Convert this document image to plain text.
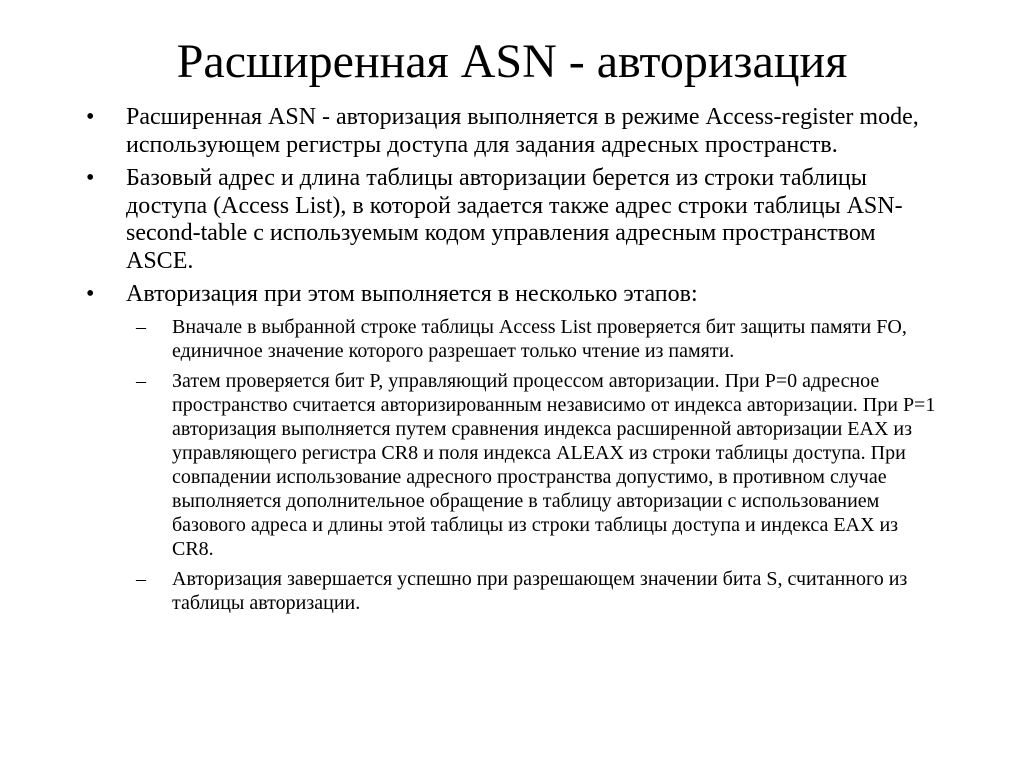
Расширенная ASN - авторизация
• Расширенная ASN - авторизация выполняется в режиме Access-register mode, использующем регистры доступа для задания адресных пространств.
• Базовый адрес и длина таблицы авторизации берется из строки таблицы доступа (Access List), в которой задается также адрес строки таблицы ASN-second-table с используемым кодом управления адресным пространством ASCE.
• Авторизация при этом выполняется в несколько этапов:
– Вначале в выбранной строке таблицы Access List проверяется бит защиты памяти FO, единичное значение которого разрешает только чтение из памяти.
– Затем проверяется бит P, управляющий процессом авторизации. При P=0 адресное пространство считается авторизированным независимо от индекса авторизации. При P=1 авторизация выполняется путем сравнения индекса расширенной авторизации EAX из управляющего регистра CR8 и поля индекса ALEAX из строки таблицы доступа. При совпадении использование адресного пространства допустимо, в противном случае выполняется дополнительное обращение в таблицу авторизации с использованием базового адреса и длины этой таблицы из строки таблицы доступа и индекса EAX из CR8.
– Авторизация завершается успешно при разрешающем значении бита S, считанного из таблицы авторизации.
